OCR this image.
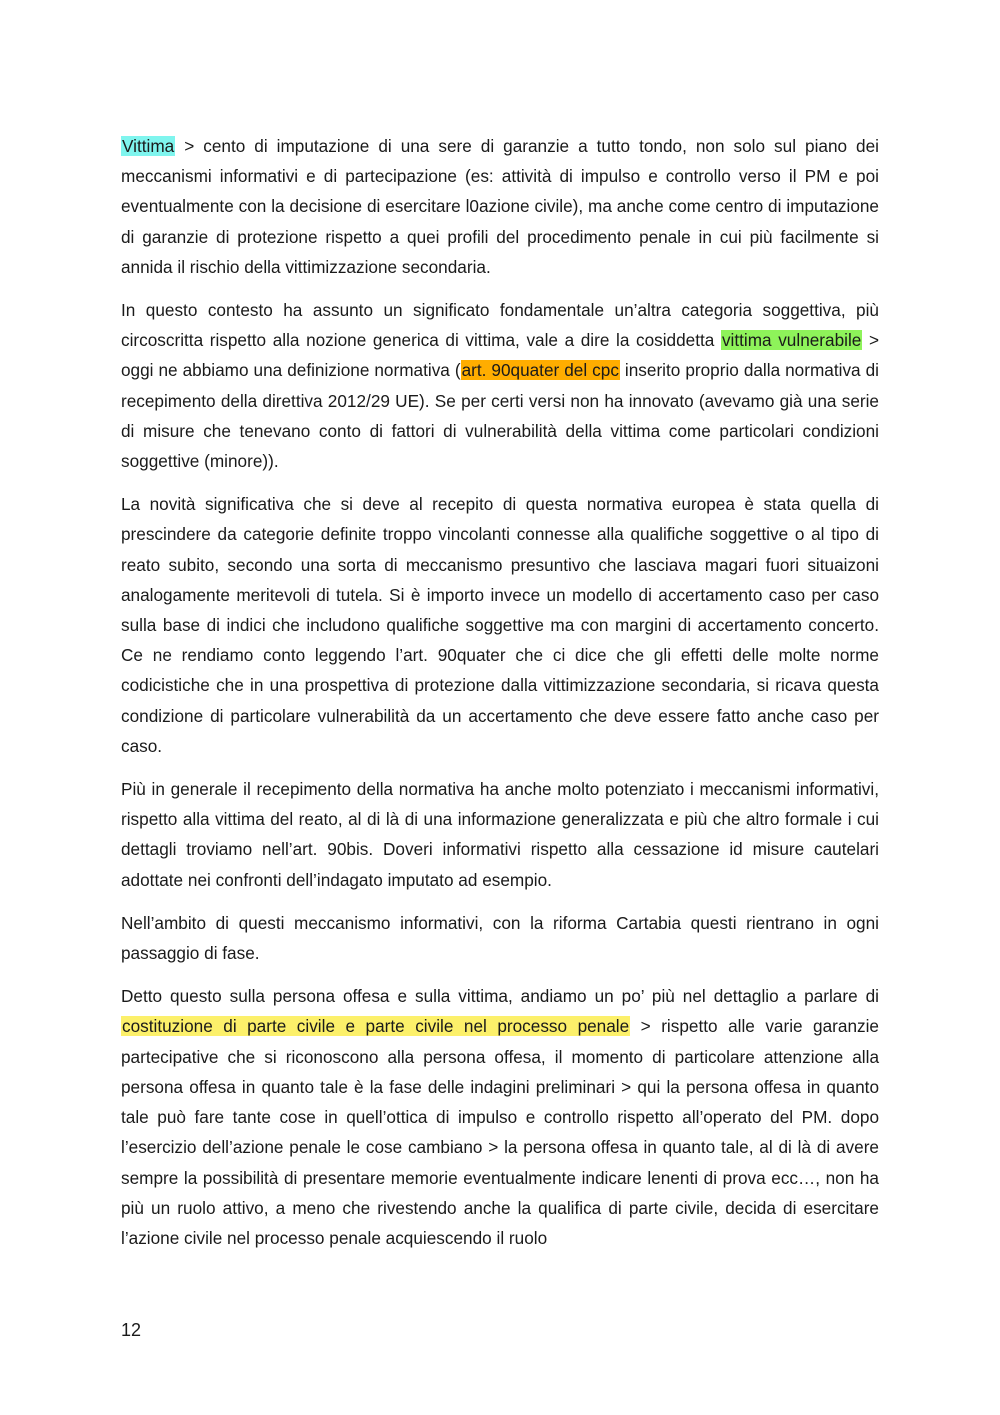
Vittima > cento di imputazione di una sere di garanzie a tutto tondo, non solo sul piano dei meccanismi informativi e di partecipazione (es: attività di impulso e controllo verso il PM e poi eventualmente con la decisione di esercitare l0azione civile), ma anche come centro di imputazione di garanzie di protezione rispetto a quei profili del procedimento penale in cui più facilmente si annida il rischio della vittimizzazione secondaria.

In questo contesto ha assunto un significato fondamentale un’altra categoria soggettiva, più circoscritta rispetto alla nozione generica di vittima, vale a dire la cosiddetta vittima vulnerabile > oggi ne abbiamo una definizione normativa (art. 90quater del cpc inserito proprio dalla normativa di recepimento della direttiva 2012/29 UE). Se per certi versi non ha innovato (avevamo già una serie di misure che tenevano conto di fattori di vulnerabilità della vittima come particolari condizioni soggettive (minore)).

La novità significativa che si deve al recepito di questa normativa europea è stata quella di prescindere da categorie definite troppo vincolanti connesse alla qualifiche soggettive o al tipo di reato subito, secondo una sorta di meccanismo presuntivo che lasciava magari fuori situaizoni analogamente meritevoli di tutela. Si è importo invece un modello di accertamento caso per caso sulla base di indici che includono qualifiche soggettive ma con margini di accertamento concerto. Ce ne rendiamo conto leggendo l’art. 90quater che ci dice che gli effetti delle molte norme codicistiche che in una prospettiva di protezione dalla vittimizzazione secondaria, si ricava questa condizione di particolare vulnerabilità da un accertamento che deve essere fatto anche caso per caso.

Più in generale il recepimento della normativa ha anche molto potenziato i meccanismi informativi, rispetto alla vittima del reato, al di là di una informazione generalizzata e più che altro formale i cui dettagli troviamo nell’art. 90bis. Doveri informativi rispetto alla cessazione id misure cautelari adottate nei confronti dell’indagato imputato ad esempio.

Nell’ambito di questi meccanismo informativi, con la riforma Cartabia questi rientrano in ogni passaggio di fase.

Detto questo sulla persona offesa e sulla vittima, andiamo un po’ più nel dettaglio a parlare di costituzione di parte civile e parte civile nel processo penale > rispetto alle varie garanzie partecipative che si riconoscono alla persona offesa, il momento di particolare attenzione alla persona offesa in quanto tale è la fase delle indagini preliminari > qui la persona offesa in quanto tale può fare tante cose in quell’ottica di impulso e controllo rispetto all’operato del PM. dopo l’esercizio dell’azione penale le cose cambiano > la persona offesa in quanto tale, al di là di avere sempre la possibilità di presentare memorie eventualmente indicare lenenti di prova ecc…, non ha più un ruolo attivo, a meno che rivestendo anche la qualifica di parte civile, decida di esercitare l’azione civile nel processo penale acquiescendo il ruolo

12
